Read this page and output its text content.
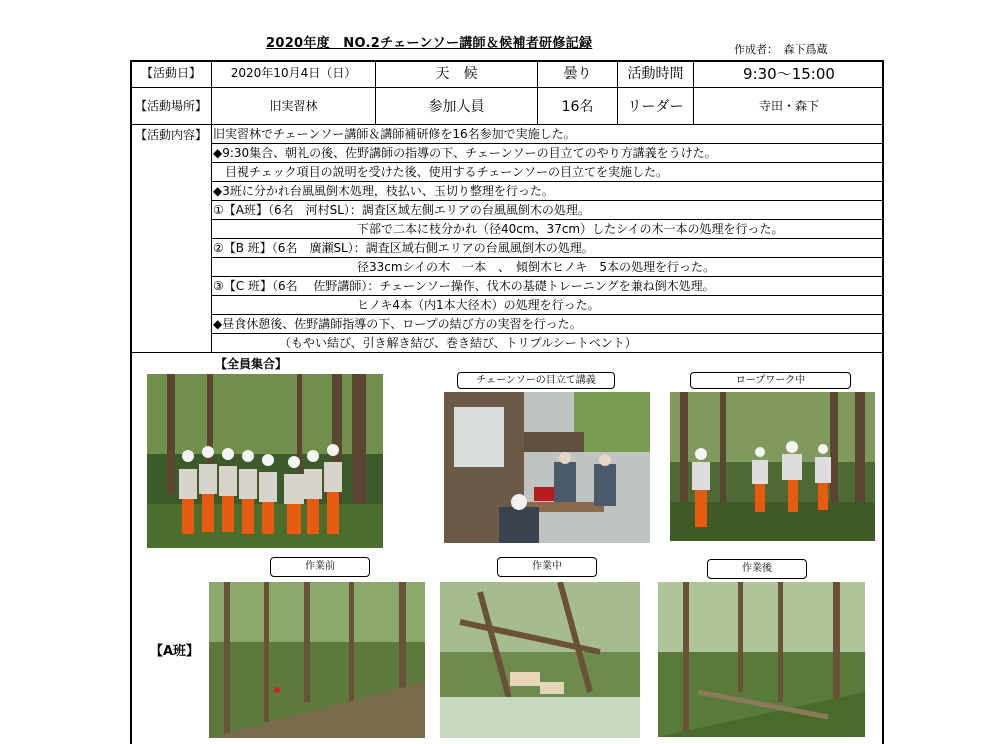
2020年度　NO.2チェーンソー講師＆候補者研修記録	作成者：　森下爲蔵
【活動日】	2020年10月4日（日）	天　候	曇り	活動時間	9:30〜15:00
【活動場所】	旧実習林	参加人員	16名	リーダー	寺田・森下
【活動内容】 旧実習林でチェーンソー講師＆講師補研修を16名参加で実施した。
◆9:30集合、朝礼の後、佐野講師の指導の下、チェーンソーの目立てのやり方講義をうけた。
　目視チェック項目の説明を受けた後、使用するチェーンソーの目立てを実施した。
◆3班に分かれ台風風倒木処理，枝払い、玉切り整理を行った。
①【A班】（6名　河村SL）：調査区域左側エリアの台風風倒木の処理。
　　　　　　　　　　　　下部で二本に枝分かれ（径40cm、37cm）したシイの木一本の処理を行った。
②【B 班】（6名　廣瀬SL）：調査区域右側エリアの台風風倒木の処理。
　　　　　　　　　　　　径33cmシイの木　一本　、　傾倒木ヒノキ　5本の処理を行った。
③【C 班】（6名　 佐野講師）：チェーンソー操作、伐木の基礎トレーニングを兼ね倒木処理。
　　　　　　　　　　　　ヒノキ4本（内1本大径木）の処理を行った。
◆昼食休憩後、佐野講師指導の下、ロープの結び方の実習を行った。
　　　　　　（もやい結び、引き解き結び、巻き結び、トリプルシートベント）
【全員集合】
チェーンソーの目立て講義	ロープワーク中
作業前	作業中	作業後
【A班】
